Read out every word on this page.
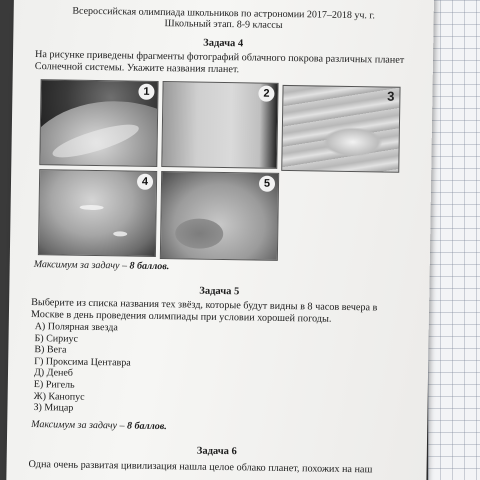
Всероссийская олимпиада школьников по астрономии 2017–2018 уч. г.
Школьный этап. 8-9 классы
Задача 4
На рисунке приведены фрагменты фотографий облачного покрова различных планет Солнечной системы. Укажите названия планет.
1	2	3
4	5
Максимум за задачу – 8 баллов.
Задача 5
Выберите из списка названия тех звёзд, которые будут видны в 8 часов вечера в Москве в день проведения олимпиады при условии хорошей погоды.
А) Полярная звезда
Б) Сириус
В) Вега
Г) Проксима Центавра
Д) Денеб
Е) Ригель
Ж) Канопус
З) Мицар
Максимум за задачу – 8 баллов.
Задача 6
Одна очень развитая цивилизация нашла целое облако планет, похожих на наш
